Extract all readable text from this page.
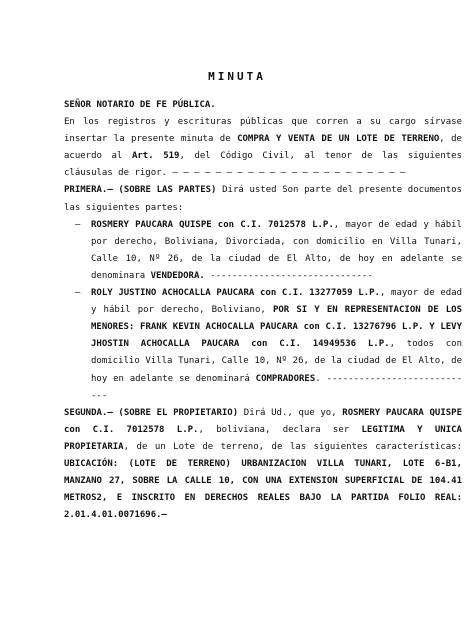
MINUTA

SEÑOR NOTARIO DE FE PÚBLICA.

En los registros y escrituras públicas que corren a su cargo sírvase insertar la presente minuta de COMPRA Y VENTA DE UN LOTE DE TERRENO, de acuerdo al Art. 519, del Código Civil, al tenor de las siguientes cláusulas de rigor. – – – – – – – – – – – – – – – – – – – – – –

PRIMERA.– (SOBRE LAS PARTES) Dirá usted Son parte del presente documentos las siguientes partes:

– ROSMERY PAUCARA QUISPE con C.I. 7012578 L.P., mayor de edad y hábil por derecho, Boliviana, Divorciada, con domicilio en Villa Tunari, Calle 10, Nº 26, de la ciudad de El Alto, de hoy en adelante se denominara VENDEDORA. ------------------------------

– ROLY JUSTINO ACHOCALLA PAUCARA con C.I. 13277059 L.P., mayor de edad y hábil por derecho, Boliviano, POR SI Y EN REPRESENTACION DE LOS MENORES: FRANK KEVIN ACHOCALLA PAUCARA con C.I. 13276796 L.P. Y LEVY JHOSTIN ACHOCALLA PAUCARA con C.I. 14949536 L.P., todos con domicilio Villa Tunari, Calle 10, Nº 26, de la ciudad de El Alto, de hoy en adelante se denominará COMPRADORES. ----------------------------

SEGUNDA.– (SOBRE EL PROPIETARIO) Dirá Ud., que yo, ROSMERY PAUCARA QUISPE con C.I. 7012578 L.P., boliviana, declara ser LEGITIMA Y UNICA PROPIETARIA, de un Lote de terreno, de las siguientes características: UBICACIÓN: (LOTE DE TERRENO) URBANIZACION VILLA TUNARI, LOTE 6-B1, MANZANO 27, SOBRE LA CALLE 10, CON UNA EXTENSION SUPERFICIAL DE 104.41 METROS2, E INSCRITO EN DERECHOS REALES BAJO LA PARTIDA FOLIO REAL: 2.01.4.01.0071696.–
